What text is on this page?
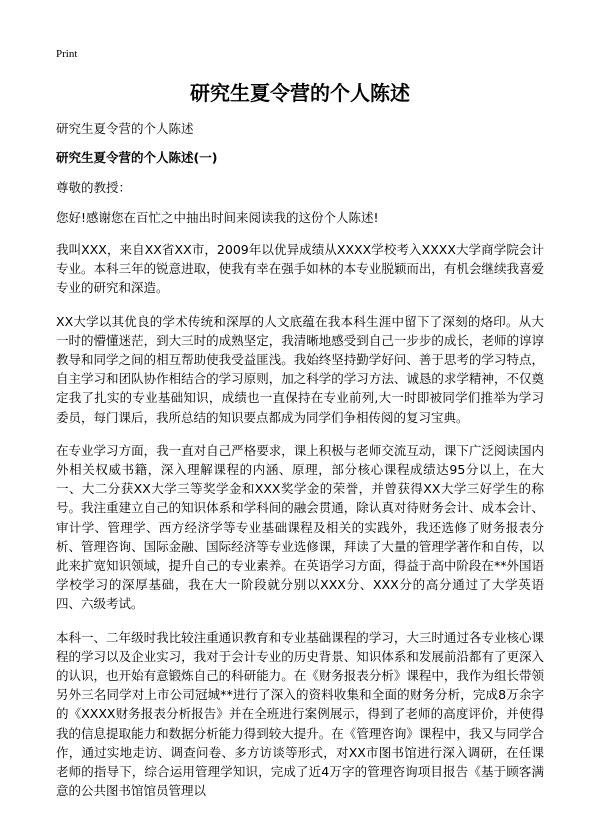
Print
研究生夏令营的个人陈述
研究生夏令营的个人陈述
研究生夏令营的个人陈述(一)
尊敬的教授：
您好!感谢您在百忙之中抽出时间来阅读我的这份个人陈述!

我叫XXX，来自XX省XX市，2009年以优异成绩从XXXX学校考入XXXX大学商学院会计专业。本科三年的锐意进取，使我有幸在强手如林的本专业脱颖而出，有机会继续我喜爱专业的研究和深造。

XX大学以其优良的学术传统和深厚的人文底蕴在我本科生涯中留下了深刻的烙印。从大一时的懵懂迷茫，到大三时的成熟坚定，我清晰地感受到自己一步步的成长，老师的谆谆教导和同学之间的相互帮助使我受益匪浅。我始终坚持勤学好问、善于思考的学习特点，自主学习和团队协作相结合的学习原则，加之科学的学习方法、诚恳的求学精神，不仅奠定我了扎实的专业基础知识，成绩也一直保持在专业前列,大一时即被同学们推举为学习委员，每门课后，我所总结的知识要点都成为同学们争相传阅的复习宝典。

在专业学习方面，我一直对自己严格要求，课上积极与老师交流互动，课下广泛阅读国内外相关权威书籍，深入理解课程的内涵、原理，部分核心课程成绩达95分以上，在大一、大二分获XX大学三等奖学金和XXX奖学金的荣誉，并曾获得XX大学三好学生的称号。我注重建立自己的知识体系和学科间的融会贯通，除认真对待财务会计、成本会计、审计学、管理学、西方经济学等专业基础课程及相关的实践外，我还选修了财务报表分析、管理咨询、国际金融、国际经济等专业选修课，拜读了大量的管理学著作和自传，以此来扩宽知识领域，提升自己的专业素养。在英语学习方面，得益于高中阶段在**外国语学校学习的深厚基础，我在大一阶段就分别以XXX分、XXX分的高分通过了大学英语四、六级考试。

本科一、二年级时我比较注重通识教育和专业基础课程的学习，大三时通过各专业核心课程的学习以及企业实习，我对于会计专业的历史背景、知识体系和发展前沿都有了更深入的认识，也开始有意锻炼自己的科研能力。在《财务报表分析》课程中，我作为组长带领另外三名同学对上市公司冠城**进行了深入的资料收集和全面的财务分析，完成8万余字的《XXXX财务报表分析报告》并在全班进行案例展示，得到了老师的高度评价，并使得我的信息提取能力和数据分析能力得到较大提升。在《管理咨询》课程中，我又与同学合作，通过实地走访、调查问卷、多方访谈等形式，对XX市图书馆进行深入调研，在任课老师的指导下，综合运用管理学知识，完成了近4万字的管理咨询项目报告《基于顾客满意的公共图书馆馆员管理以
